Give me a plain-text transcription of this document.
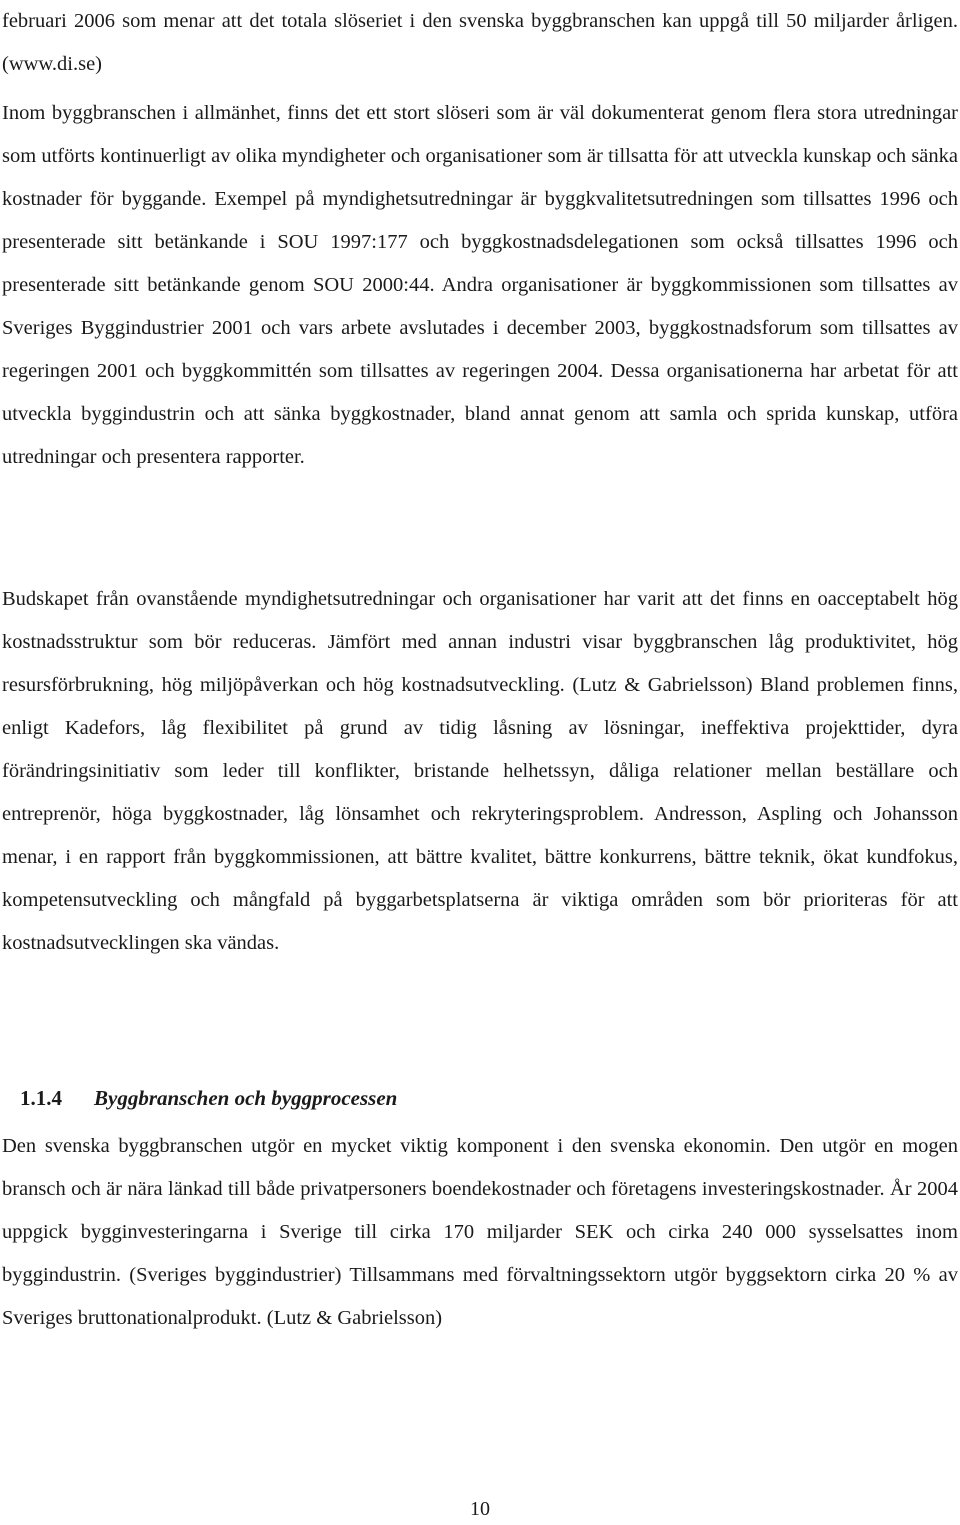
februari 2006 som menar att det totala slöseriet i den svenska byggbranschen kan uppgå till 50 miljarder årligen. (www.di.se)

Inom byggbranschen i allmänhet, finns det ett stort slöseri som är väl dokumenterat genom flera stora utredningar som utförts kontinuerligt av olika myndigheter och organisationer som är tillsatta för att utveckla kunskap och sänka kostnader för byggande. Exempel på myndighetsutredningar är byggkvalitetsutredningen som tillsattes 1996 och presenterade sitt betänkande i SOU 1997:177 och byggkostnadsdelegationen som också tillsattes 1996 och presenterade sitt betänkande genom SOU 2000:44. Andra organisationer är byggkommissionen som tillsattes av Sveriges Byggindustrier 2001 och vars arbete avslutades i december 2003, byggkostnadsforum som tillsattes av regeringen 2001 och byggkommittén som tillsattes av regeringen 2004. Dessa organisationerna har arbetat för att utveckla byggindustrin och att sänka byggkostnader, bland annat genom att samla och sprida kunskap, utföra utredningar och presentera rapporter.

Budskapet från ovanstående myndighetsutredningar och organisationer har varit att det finns en oacceptabelt hög kostnadsstruktur som bör reduceras. Jämfört med annan industri visar byggbranschen låg produktivitet, hög resursförbrukning, hög miljöpåverkan och hög kostnadsutveckling. (Lutz & Gabrielsson) Bland problemen finns, enligt Kadefors, låg flexibilitet på grund av tidig låsning av lösningar, ineffektiva projekttider, dyra förändringsinitiativ som leder till konflikter, bristande helhetssyn, dåliga relationer mellan beställare och entreprenör, höga byggkostnader, låg lönsamhet och rekryteringsproblem. Andresson, Aspling och Johansson menar, i en rapport från byggkommissionen, att bättre kvalitet, bättre konkurrens, bättre teknik, ökat kundfokus, kompetensutveckling och mångfald på byggarbetsplatserna är viktiga områden som bör prioriteras för att kostnadsutvecklingen ska vändas.

1.1.4 Byggbranschen och byggprocessen

Den svenska byggbranschen utgör en mycket viktig komponent i den svenska ekonomin. Den utgör en mogen bransch och är nära länkad till både privatpersoners boendekostnader och företagens investeringskostnader. År 2004 uppgick bygginvesteringarna i Sverige till cirka 170 miljarder SEK och cirka 240 000 sysselsattes inom byggindustrin. (Sveriges byggindustrier) Tillsammans med förvaltningssektorn utgör byggsektorn cirka 20 % av Sveriges bruttonationalprodukt. (Lutz & Gabrielsson)

10
